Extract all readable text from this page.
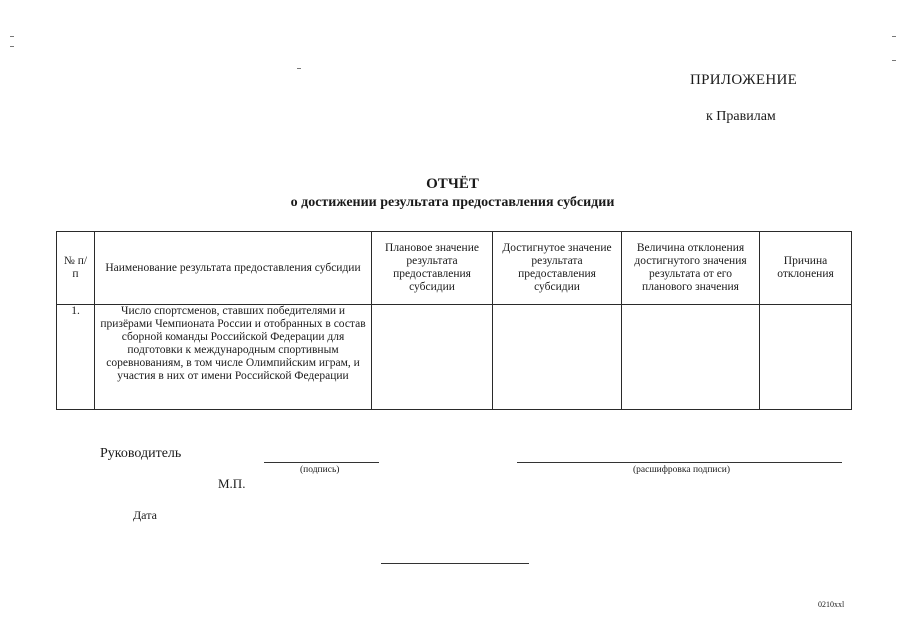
ПРИЛОЖЕНИЕ
к Правилам
ОТЧЁТ
о достижении результата предоставления субсидии
№ п/п	Наименование результата предоставления субсидии	Плановое значение результата предоставления субсидии	Достигнутое значение результата предоставления субсидии	Величина отклонения достигнутого значения результата от его планового значения	Причина отклонения
1.	Число спортсменов, ставших победителями и призёрами Чемпионата России и отобранных в состав сборной команды Российской Федерации для подготовки к международным спортивным соревнованиям, в том числе Олимпийским играм, и участия в них от имени Российской Федерации				
Руководитель
(подпись)	(расшифровка подписи)
М.П.
Дата
0210xxl
